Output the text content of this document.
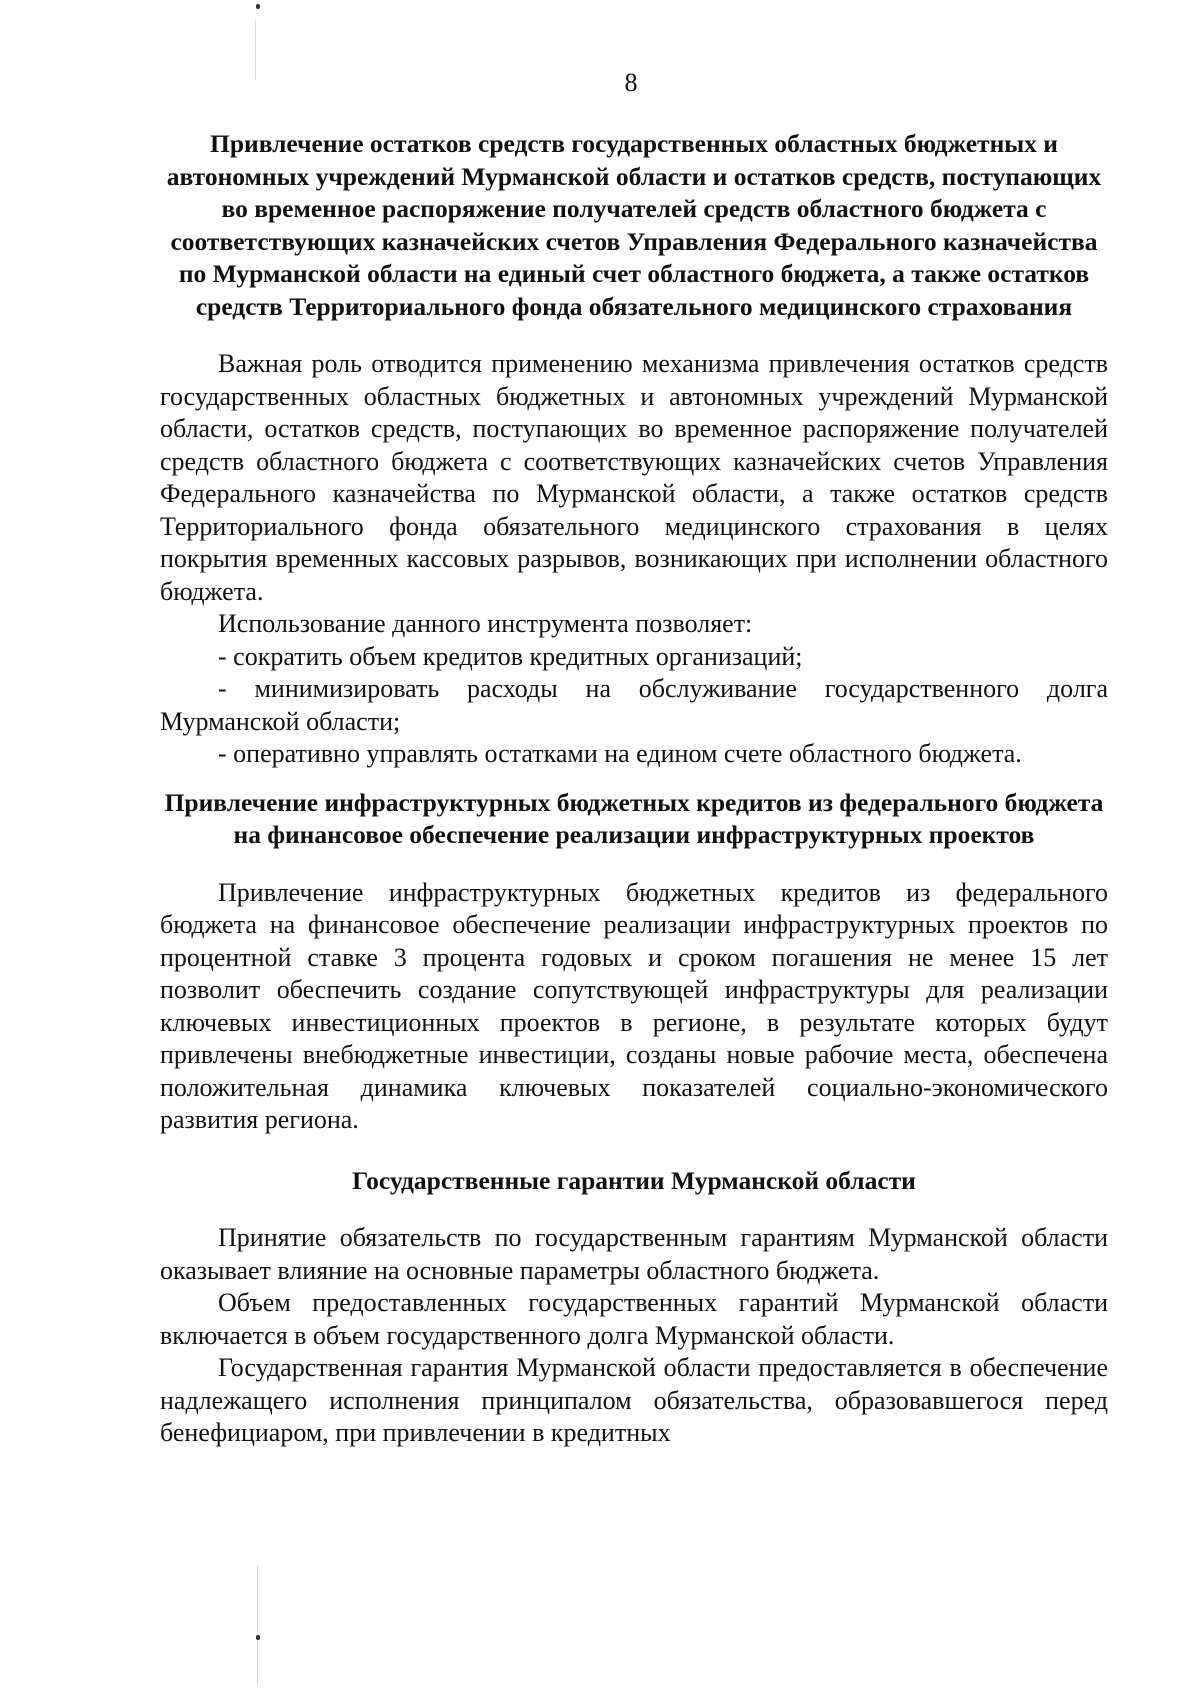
8
Привлечение остатков средств государственных областных бюджетных и автономных учреждений Мурманской области и остатков средств, поступающих во временное распоряжение получателей средств областного бюджета с соответствующих казначейских счетов Управления Федерального казначейства по Мурманской области на единый счет областного бюджета, а также остатков средств Территориального фонда обязательного медицинского страхования

Важная роль отводится применению механизма привлечения остатков средств государственных областных бюджетных и автономных учреждений Мурманской области, остатков средств, поступающих во временное распоряжение получателей средств областного бюджета с соответствующих казначейских счетов Управления Федерального казначейства по Мурманской области, а также остатков средств Территориального фонда обязательного медицинского страхования в целях покрытия временных кассовых разрывов, возникающих при исполнении областного бюджета.

Использование данного инструмента позволяет:

- сократить объем кредитов кредитных организаций;

- минимизировать расходы на обслуживание государственного долга Мурманской области;

- оперативно управлять остатками на едином счете областного бюджета.

Привлечение инфраструктурных бюджетных кредитов из федерального бюджета на финансовое обеспечение реализации инфраструктурных проектов

Привлечение инфраструктурных бюджетных кредитов из федерального бюджета на финансовое обеспечение реализации инфраструктурных проектов по процентной ставке 3 процента годовых и сроком погашения не менее 15 лет позволит обеспечить создание сопутствующей инфраструктуры для реализации ключевых инвестиционных проектов в регионе, в результате которых будут привлечены внебюджетные инвестиции, созданы новые рабочие места, обеспечена положительная динамика ключевых показателей социально-экономического развития региона.

Государственные гарантии Мурманской области

Принятие обязательств по государственным гарантиям Мурманской области оказывает влияние на основные параметры областного бюджета.

Объем предоставленных государственных гарантий Мурманской области включается в объем государственного долга Мурманской области.

Государственная гарантия Мурманской области предоставляется в обеспечение надлежащего исполнения принципалом обязательства, образовавшегося перед бенефициаром, при привлечении в кредитных
